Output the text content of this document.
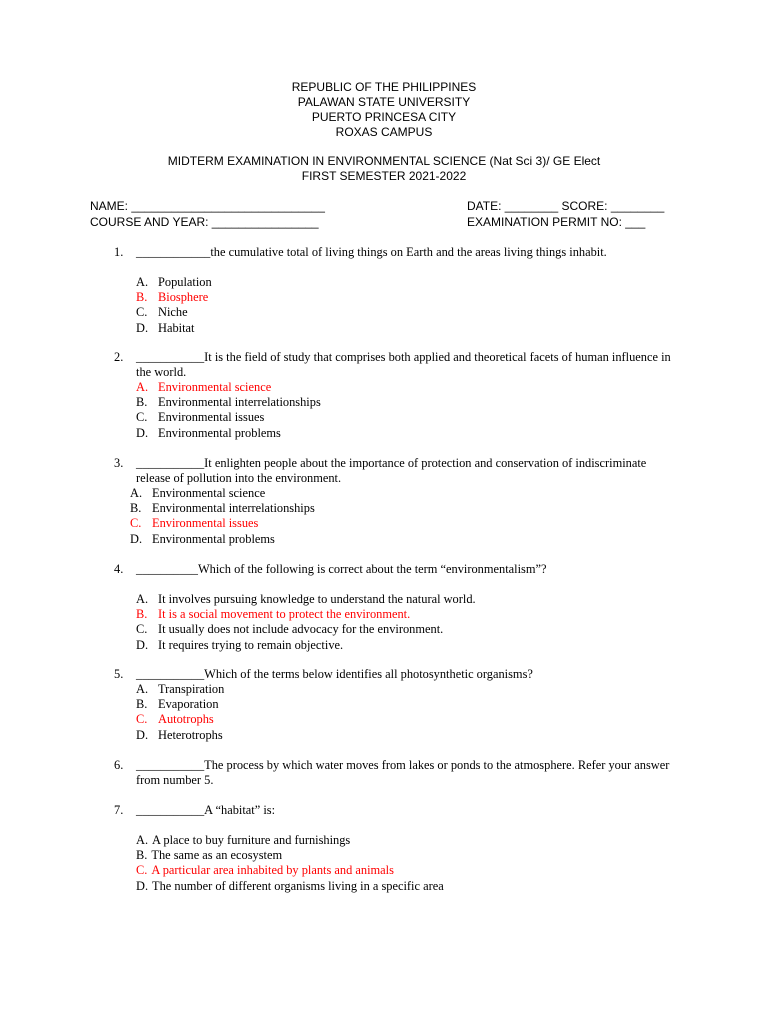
REPUBLIC OF THE PHILIPPINES
PALAWAN STATE UNIVERSITY
PUERTO PRINCESA CITY
ROXAS CAMPUS
MIDTERM EXAMINATION IN ENVIRONMENTAL SCIENCE (Nat Sci 3)/ GE Elect
FIRST SEMESTER 2021-2022
NAME: _____________________________	DATE: ________ SCORE: ________
COURSE AND YEAR: ________________	EXAMINATION PERMIT NO: ___
1.	____________the cumulative total of living things on Earth and the areas living things inhabit.
A. Population
B. Biosphere
C. Niche
D. Habitat
2.	___________It is the field of study that comprises both applied and theoretical facets of human influence in the world.
A. Environmental science
B. Environmental interrelationships
C. Environmental issues
D. Environmental problems
3.	___________It enlighten people about the importance of protection and conservation of indiscriminate release of pollution into the environment.
A. Environmental science
B. Environmental interrelationships
C. Environmental issues
D. Environmental problems
4.	__________Which of the following is correct about the term “environmentalism”?
A. It involves pursuing knowledge to understand the natural world.
B. It is a social movement to protect the environment.
C. It usually does not include advocacy for the environment.
D. It requires trying to remain objective.
5.	___________Which of the terms below identifies all photosynthetic organisms?
A. Transpiration
B. Evaporation
C. Autotrophs
D. Heterotrophs
6.	___________The process by which water moves from lakes or ponds to the atmosphere. Refer your answer from number 5.
7.	___________A “habitat” is:
A. A place to buy furniture and furnishings
B. The same as an ecosystem
C. A particular area inhabited by plants and animals
D. The number of different organisms living in a specific area
